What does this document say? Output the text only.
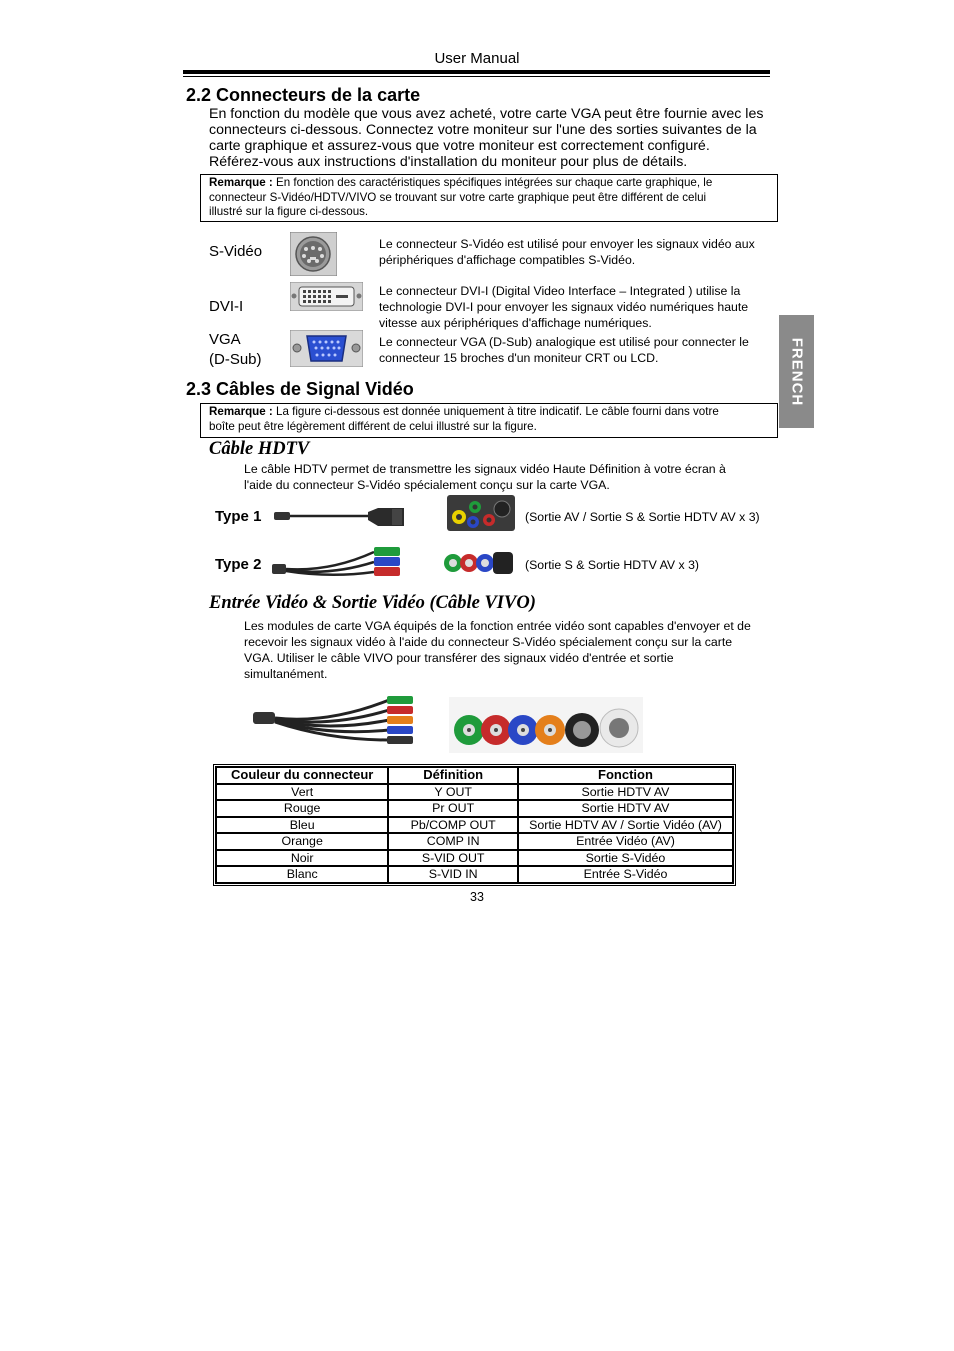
User Manual
FRENCH
2.2 Connecteurs de la carte
En fonction du modèle que vous avez acheté, votre carte VGA peut être fournie avec les
connecteurs ci-dessous. Connectez votre moniteur sur l'une des sorties suivantes de la
carte graphique et assurez-vous que votre moniteur est correctement configuré.
Référez-vous aux instructions d'installation du moniteur pour plus de détails.
Remarque : En fonction des caractéristiques spécifiques intégrées sur chaque carte graphique, le
connecteur S-Vidéo/HDTV/VIVO se trouvant sur votre carte graphique peut être différent de celui
illustré sur la figure ci-dessous.
S-Vidéo	Le connecteur S-Vidéo est utilisé pour envoyer les signaux vidéo aux
périphériques d'affichage compatibles S-Vidéo.
DVI-I
Le connecteur DVI-I (Digital Video Interface – Integrated ) utilise la
technologie DVI-I pour envoyer les signaux vidéo numériques haute
vitesse aux périphériques d'affichage numériques.
VGA
(D-Sub)
Le connecteur VGA (D-Sub) analogique est utilisé pour connecter le
connecteur 15 broches d'un moniteur CRT ou LCD.
2.3 Câbles de Signal Vidéo
Remarque : La figure ci-dessous est donnée uniquement à titre indicatif. Le câble fourni dans votre
boîte peut être légèrement différent de celui illustré sur la figure.
Câble HDTV
Le câble HDTV permet de transmettre les signaux vidéo Haute Définition à votre écran à
l'aide du connecteur S-Vidéo spécialement conçu sur la carte VGA.
Type 1	(Sortie AV / Sortie S & Sortie HDTV AV x 3)
Type 2	(Sortie S & Sortie HDTV AV x 3)
Entrée Vidéo & Sortie Vidéo (Câble VIVO)
Les modules de carte VGA équipés de la fonction entrée vidéo sont capables d'envoyer et de
recevoir les signaux vidéo à l'aide du connecteur S-Vidéo spécialement conçu sur la carte
VGA. Utiliser le câble VIVO pour transférer des signaux vidéo d'entrée et sortie
simultanément.
Couleur du connecteur	Définition	Fonction
Vert	Y OUT	Sortie HDTV AV
Rouge	Pr OUT	Sortie HDTV AV
Bleu	Pb/COMP OUT	Sortie HDTV AV / Sortie Vidéo (AV)
Orange	COMP IN	Entrée Vidéo (AV)
Noir	S-VID OUT	Sortie S-Vidéo
Blanc	S-VID IN	Entrée S-Vidéo
33
